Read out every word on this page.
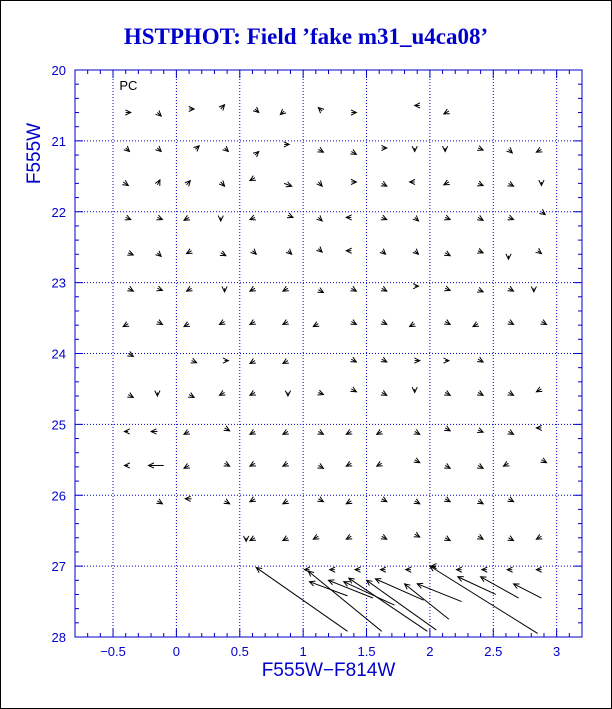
HSTPHOT: Field ’fake m31_u4ca08’
−0.5	0	0.5	1	1.5	2	2.5	3
20
21
22
23
24
25
26
27
28
F555W−F814W
F555W
PC
